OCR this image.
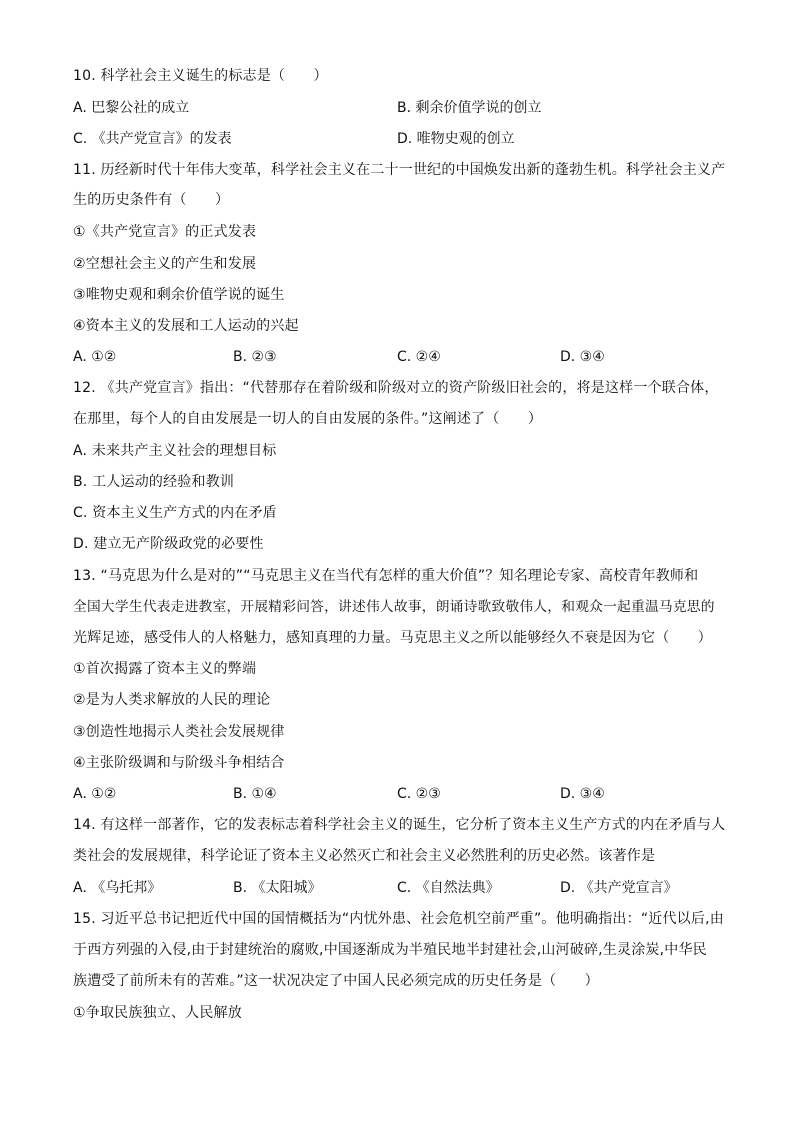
10. 科学社会主义诞生的标志是（　　）
A. 巴黎公社的成立	B. 剩余价值学说的创立
C. 《共产党宣言》的发表	D. 唯物史观的创立
11. 历经新时代十年伟大变革，科学社会主义在二十一世纪的中国焕发出新的蓬勃生机。科学社会主义产
生的历史条件有（　　）
①《共产党宣言》的正式发表
②空想社会主义的产生和发展
③唯物史观和剩余价值学说的诞生
④资本主义的发展和工人运动的兴起
A. ①②	B. ②③	C. ②④	D. ③④
12. 《共产党宣言》指出：“代替那存在着阶级和阶级对立的资产阶级旧社会的，将是这样一个联合体，
在那里，每个人的自由发展是一切人的自由发展的条件。”这阐述了（　　）
A. 未来共产主义社会的理想目标
B. 工人运动的经验和教训
C. 资本主义生产方式的内在矛盾
D. 建立无产阶级政党的必要性
13. “马克思为什么是对的”“马克思主义在当代有怎样的重大价值”？知名理论专家、高校青年教师和
全国大学生代表走进教室，开展精彩问答，讲述伟人故事，朗诵诗歌致敬伟人，和观众一起重温马克思的
光辉足迹，感受伟人的人格魅力，感知真理的力量。马克思主义之所以能够经久不衰是因为它（　　）
①首次揭露了资本主义的弊端
②是为人类求解放的人民的理论
③创造性地揭示人类社会发展规律
④主张阶级调和与阶级斗争相结合
A. ①②	B. ①④	C. ②③	D. ③④
14. 有这样一部著作，它的发表标志着科学社会主义的诞生，它分析了资本主义生产方式的内在矛盾与人
类社会的发展规律，科学论证了资本主义必然灭亡和社会主义必然胜利的历史必然。该著作是
A. 《乌托邦》	B. 《太阳城》	C. 《自然法典》	D. 《共产党宣言》
15. 习近平总书记把近代中国的国情概括为“内忧外患、社会危机空前严重”。他明确指出：“近代以后,由
于西方列强的入侵,由于封建统治的腐败,中国逐渐成为半殖民地半封建社会,山河破碎,生灵涂炭,中华民
族遭受了前所未有的苦难。”这一状况决定了中国人民必须完成的历史任务是（　　）
①争取民族独立、人民解放
